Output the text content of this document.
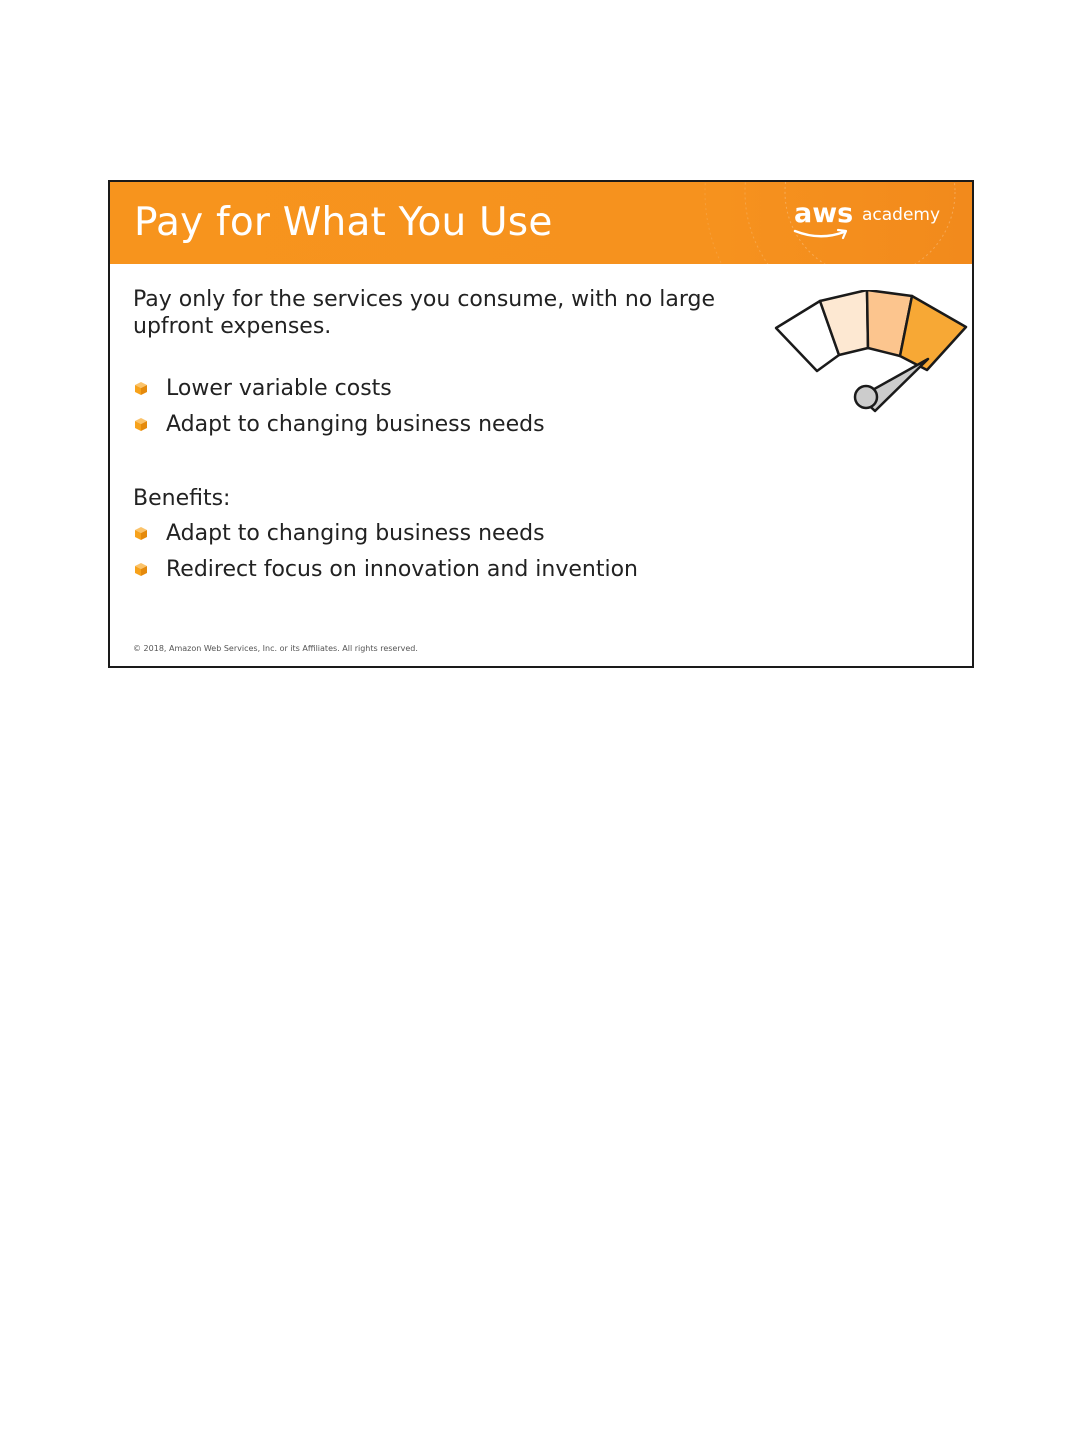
Pay for What You Use	aws academy
Pay only for the services you consume, with no large upfront expenses.
Lower variable costs
Adapt to changing business needs
Benefits:
Adapt to changing business needs
Redirect focus on innovation and invention
© 2018, Amazon Web Services, Inc. or its Affiliates. All rights reserved.
